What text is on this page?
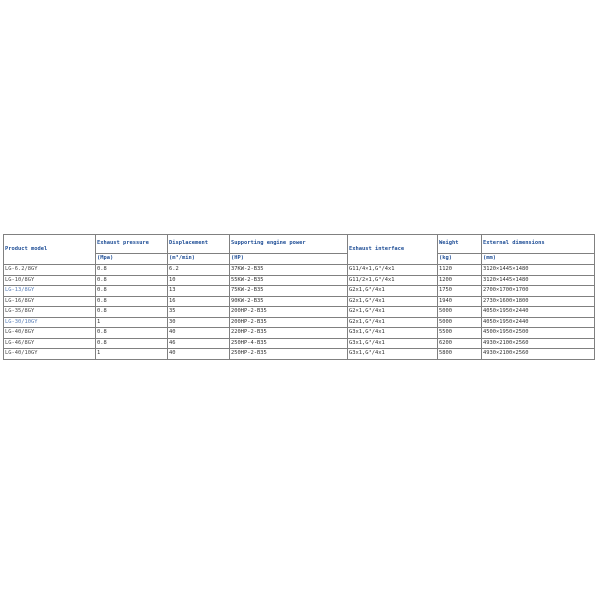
Product model	Exhaust pressure	Displacement	Supporting engine power	Exhaust interface	Weight	External dimensions
	(Mpa)	(m³/min)	(HP)		(kg)	(mm)
LG-6.2/8GY	0.8	6.2	37KW-2-B35	G11/4×1,G³/4x1	1120	3120×1445×1480
LG-10/8GY	0.8	10	55KW-2-B35	G11/2×1,G³/4x1	1200	3120×1445×1480
LG-13/8GY	0.8	13	75KW-2-B35	G2x1,G³/4x1	1750	2700×1700×1700
LG-16/8GY	0.8	16	90KW-2-B35	G2x1,G³/4x1	1940	2730×1600×1800
LG-35/8GY	0.8	35	200HP-2-B35	G2×1,G³/4x1	5000	4050×1950×2440
LG-30/10GY	1	30	200HP-2-B35	G2x1,G³/4x1	5000	4050×1950×2440
LG-40/8GY	0.8	40	220HP-2-B35	G3x1,G³/4x1	5500	4500×1950×2500
LG-46/8GY	0.8	46	250HP-4-B35	G3x1,G³/4x1	6200	4930×2100×2560
LG-40/10GY	1	40	250HP-2-B35	G3x1,G³/4x1	5800	4930×2100×2560
